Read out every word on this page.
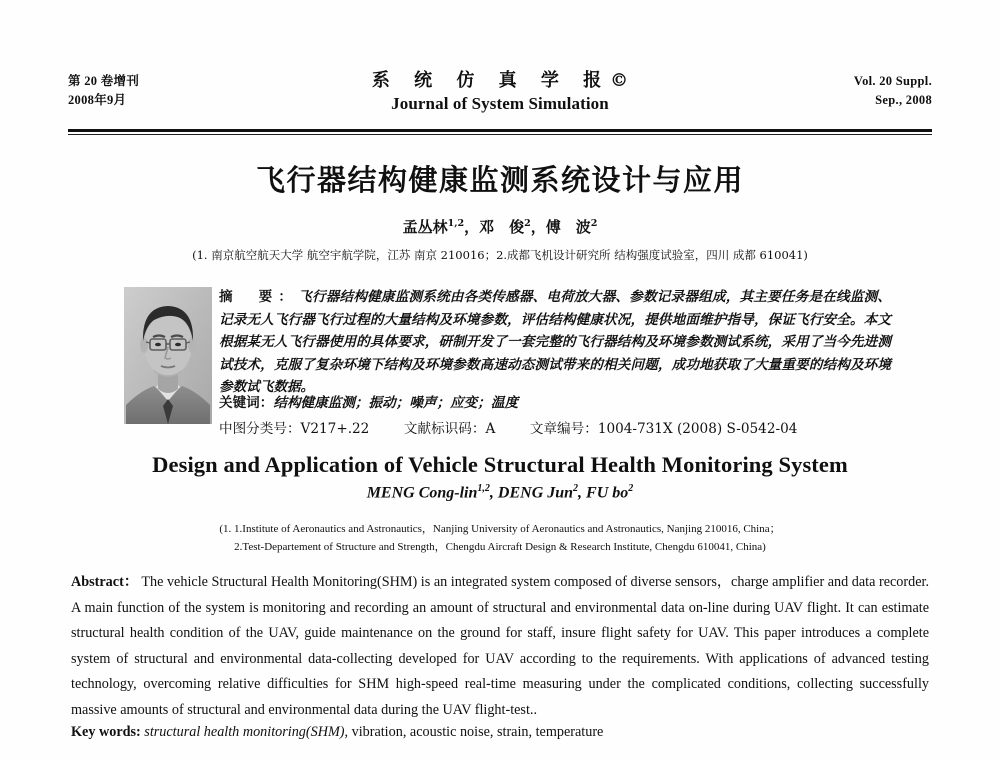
第 20 卷增刊
2008年9月
系 统 仿 真 学 报©
Journal of System Simulation
Vol. 20 Suppl.
Sep., 2008
飞行器结构健康监测系统设计与应用
孟丛林$^{1,2}$，邓　俊$^2$，傅　波$^2$
(1. 南京航空航天大学 航空宇航学院，江苏 南京 210016；2.成都飞机设计研究所 结构强度试验室，四川 成都 610041)
摘　要：飞行器结构健康监测系统由各类传感器、电荷放大器、参数记录器组成，其主要任务是在线监测、记录无人飞行器飞行过程的大量结构及环境参数，评估结构健康状况，提供地面维护指导，保证飞行安全。本文根据某无人飞行器使用的具体要求，研制开发了一套完整的飞行器结构及环境参数测试系统，采用了当今先进测试技术，克服了复杂环境下结构及环境参数高速动态测试带来的相关问题，成功地获取了大量重要的结构及环境参数试飞数据。
关键词：结构健康监测；振动；噪声；应变；温度
中图分类号：V217+.22        文献标识码：A        文章编号：1004-731X (2008) S-0542-04
Design and Application of Vehicle Structural Health Monitoring System
MENG Cong-lin$^{1,2}$, DENG Jun$^2$, FU $bo^2$
(1. 1.Institute of Aeronautics and Astronautics，Nanjing University of Aeronautics and Astronautics, Nanjing 210016, China；
2.Test-Departement of Structure and Strength，Chengdu Aircraft Design & Research Institute, Chengdu 610041, China)
Abstract： The vehicle Structural Health Monitoring(SHM) is an integrated system composed of diverse sensors，charge amplifier and data recorder. A main function of the system is monitoring and recording an amount of structural and environmental data on-line during UAV flight. It can estimate structural health condition of the UAV, guide maintenance on the ground for staff, insure flight safety for UAV. This paper introduces a complete system of structural and environmental data-collecting developed for UAV according to the requirements. With applications of advanced testing technology, overcoming relative difficulties for SHM high-speed real-time measuring under the complicated conditions, collecting successfully massive amounts of structural and environmental data during the UAV flight-test..
Key words: structural health monitoring(SHM), vibration, acoustic noise, strain, temperature
